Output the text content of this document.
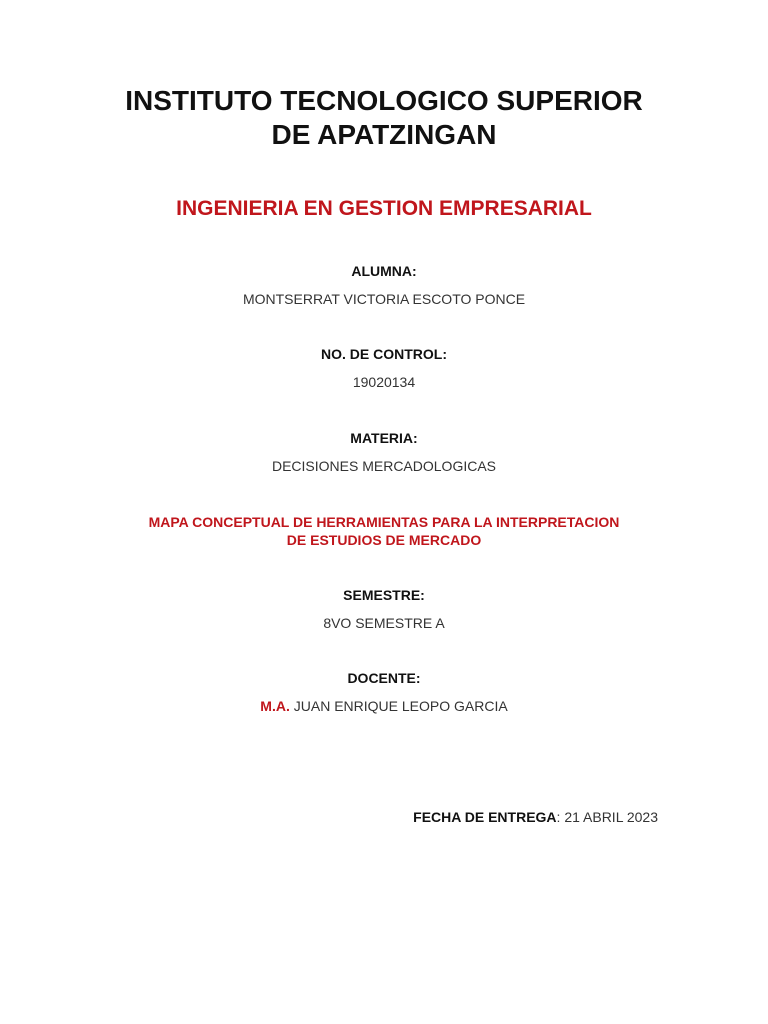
INSTITUTO TECNOLOGICO SUPERIOR
DE APATZINGAN
INGENIERIA EN GESTION EMPRESARIAL
ALUMNA:
MONTSERRAT VICTORIA ESCOTO PONCE
NO. DE CONTROL:
19020134
MATERIA:
DECISIONES MERCADOLOGICAS
MAPA CONCEPTUAL DE HERRAMIENTAS PARA LA INTERPRETACION
DE ESTUDIOS DE MERCADO
SEMESTRE:
8VO SEMESTRE A
DOCENTE:
M.A. JUAN ENRIQUE LEOPO GARCIA
FECHA DE ENTREGA: 21 ABRIL 2023
